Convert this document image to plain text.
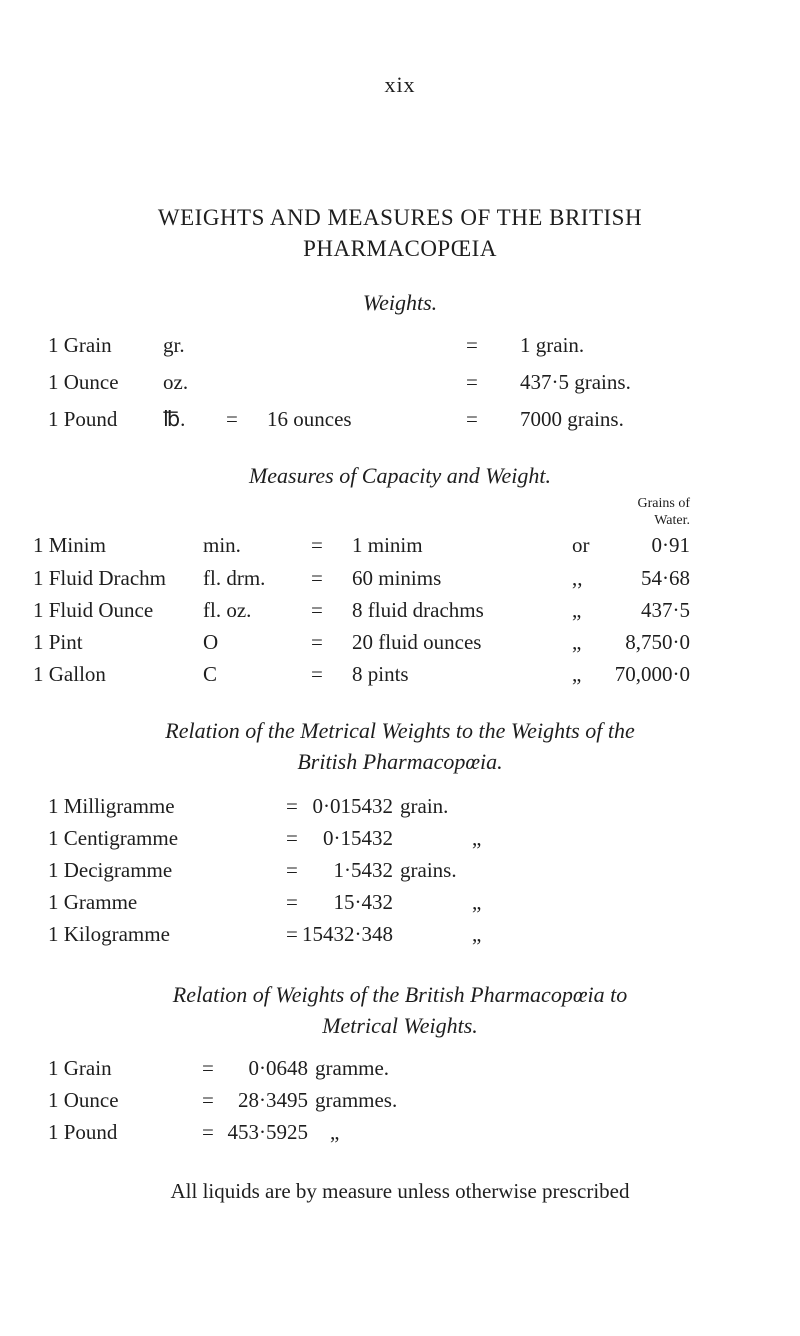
xix
WEIGHTS AND MEASURES OF THE BRITISH
PHARMACOPŒIA
Weights.
1 Grain gr.	= 1 grain.
1 Ounce oz.	= 437·5 grains.
1 Pound ℔. = 16 ounces	= 7000 grains.
Measures of Capacity and Weight.
Grains of
Water.
1 Minim	min.	= 1 minim	or	0·91
1 Fluid Drachm fl. drm. = 60 minims	,,	54·68
1 Fluid Ounce fl. oz.	= 8 fluid drachms	„	437·5
1 Pint	O	= 20 fluid ounces	„ 8,750·0
1 Gallon	C	= 8 pints	„ 70,000·0
Relation of the Metrical Weights to the Weights of the
British Pharmacopœia.
1 Milligramme	= 0·015432 grain.
1 Centigramme	= 0·15432	„
1 Decigramme	= 1·5432 grains.
1 Gramme	= 15·432	„
1 Kilogramme	= 15432·348	„
Relation of Weights of the British Pharmacopœia to
Metrical Weights.
1 Grain	= 0·0648 gramme.
1 Ounce	= 28·3495 grammes.
1 Pound	= 453·5925 „
All liquids are by measure unless otherwise prescribed
